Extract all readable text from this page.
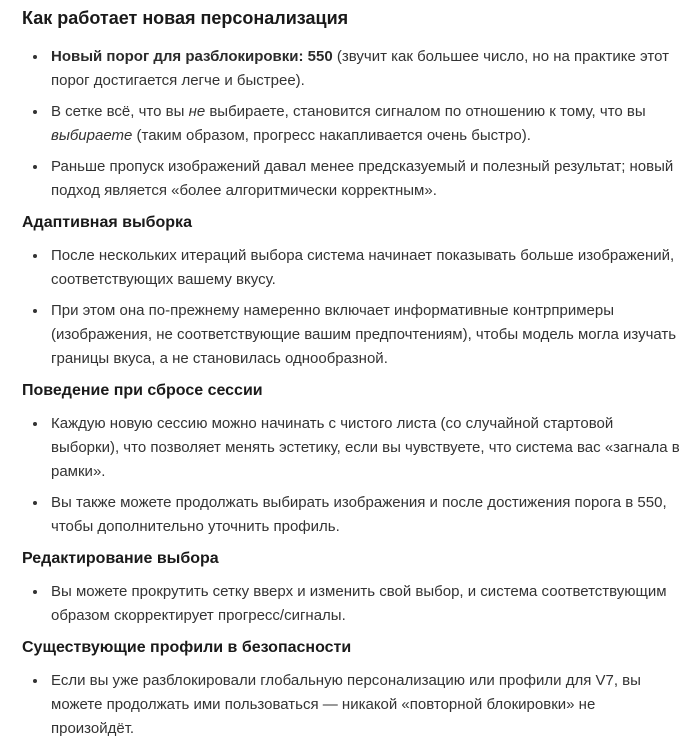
Как работает новая персонализация
• Новый порог для разблокировки: 550 (звучит как большее число, но на практике этот порог достигается легче и быстрее).
• В сетке всё, что вы не выбираете, становится сигналом по отношению к тому, что вы выбираете (таким образом, прогресс накапливается очень быстро).
• Раньше пропуск изображений давал менее предсказуемый и полезный результат; новый подход является «более алгоритмически корректным».
Адаптивная выборка
• После нескольких итераций выбора система начинает показывать больше изображений, соответствующих вашему вкусу.
• При этом она по-прежнему намеренно включает информативные контрпримеры (изображения, не соответствующие вашим предпочтениям), чтобы модель могла изучать границы вкуса, а не становилась однообразной.
Поведение при сбросе сессии
• Каждую новую сессию можно начинать с чистого листа (со случайной стартовой выборки), что позволяет менять эстетику, если вы чувствуете, что система вас «загнала в рамки».
• Вы также можете продолжать выбирать изображения и после достижения порога в 550, чтобы дополнительно уточнить профиль.
Редактирование выбора
• Вы можете прокрутить сетку вверх и изменить свой выбор, и система соответствующим образом скорректирует прогресс/сигналы.
Существующие профили в безопасности
• Если вы уже разблокировали глобальную персонализацию или профили для V7, вы можете продолжать ими пользоваться — никакой «повторной блокировки» не произойдёт.
